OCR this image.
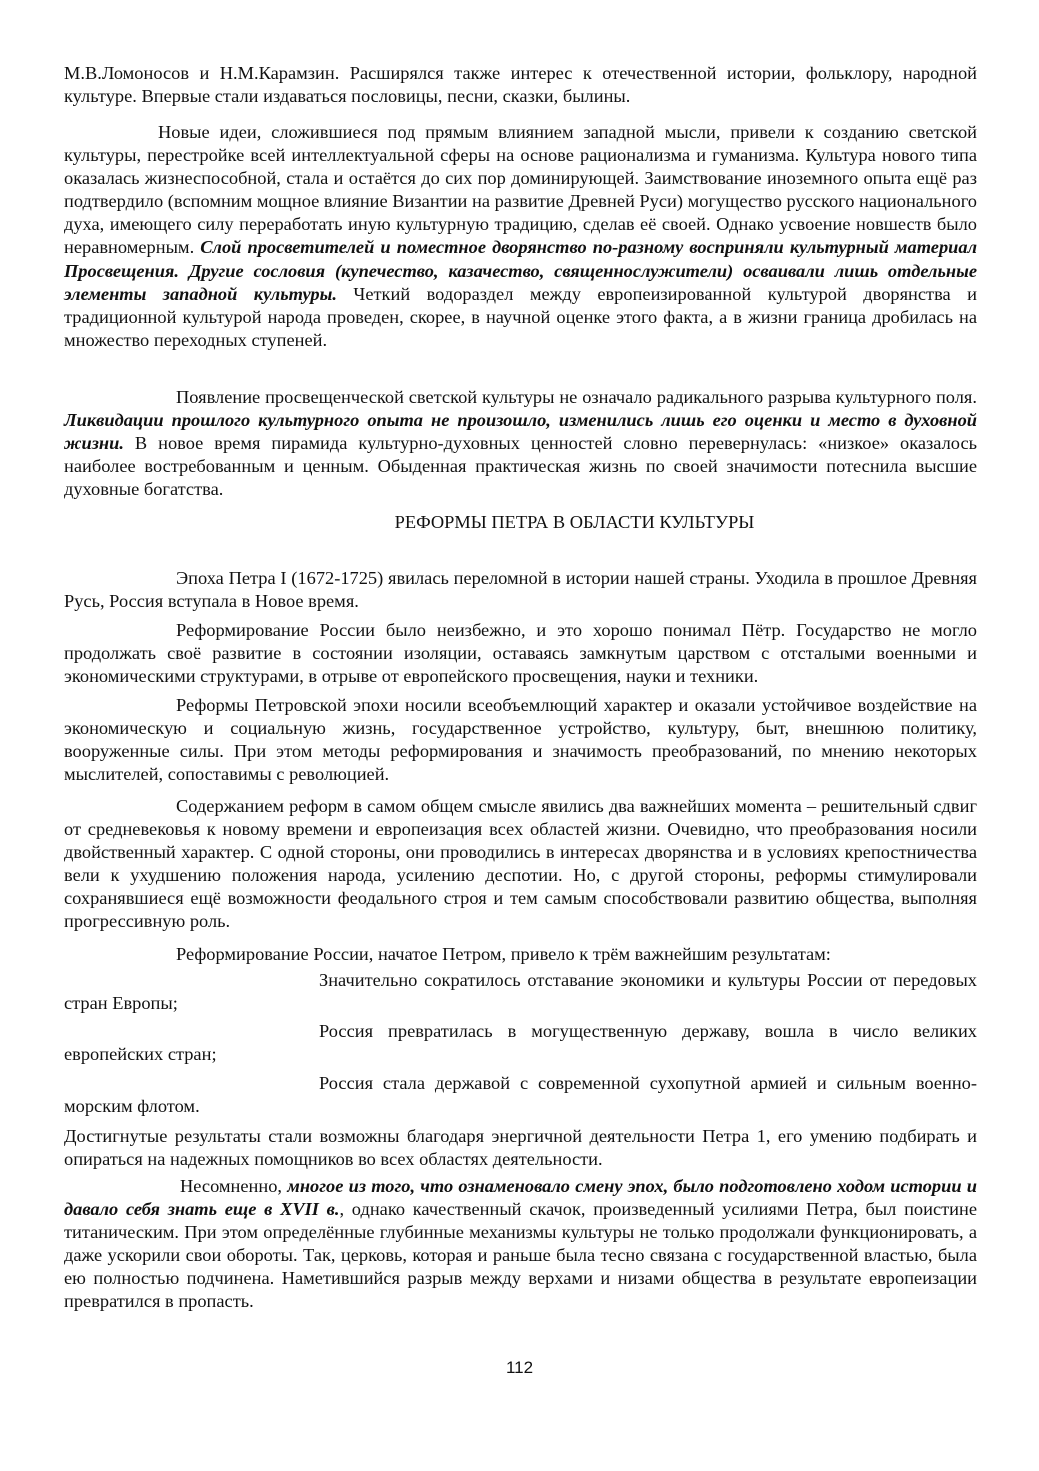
М.В.Ломоносов и Н.М.Карамзин. Расширялся также интерес к отечественной истории, фольклору, народной культуре. Впервые стали издаваться пословицы, песни, сказки, былины.

Новые идеи, сложившиеся под прямым влиянием западной мысли, привели к созданию светской культуры, перестройке всей интеллектуальной сферы на основе рационализма и гуманизма. Культура нового типа оказалась жизнеспособной, стала и остаётся до сих пор доминирующей. Заимствование иноземного опыта ещё раз подтвердило (вспомним мощное влияние Византии на развитие Древней Руси) могущество русского национального духа, имеющего силу переработать иную культурную традицию, сделав её своей. Однако усвоение новшеств было неравномерным. Слой просветителей и поместное дворянство по-разному восприняли культурный материал Просвещения. Другие сословия (купечество, казачество, священнослужители) осваивали лишь отдельные элементы западной культуры. Четкий водораздел между европеизированной культурой дворянства и традиционной культурой народа проведен, скорее, в научной оценке этого факта, а в жизни граница дробилась на множество переходных ступеней.

Появление просвещенческой светской культуры не означало радикального разрыва культурного поля. Ликвидации прошлого культурного опыта не произошло, изменились лишь его оценки и место в духовной жизни. В новое время пирамида культурно-духовных ценностей словно перевернулась: «низкое» оказалось наиболее востребованным и ценным. Обыденная практическая жизнь по своей значимости потеснила высшие духовные богатства.

РЕФОРМЫ ПЕТРА В ОБЛАСТИ КУЛЬТУРЫ

Эпоха Петра I (1672-1725) явилась переломной в истории нашей страны. Уходила в прошлое Древняя Русь, Россия вступала в Новое время.

Реформирование России было неизбежно, и это хорошо понимал Пётр. Государство не могло продолжать своё развитие в состоянии изоляции, оставаясь замкнутым царством с отсталыми военными и экономическими структурами, в отрыве от европейского просвещения, науки и техники.

Реформы Петровской эпохи носили всеобъемлющий характер и оказали устойчивое воздействие на экономическую и социальную жизнь, государственное устройство, культуру, быт, внешнюю политику, вооруженные силы. При этом методы реформирования и значимость преобразований, по мнению некоторых мыслителей, сопоставимы с революцией.

Содержанием реформ в самом общем смысле явились два важнейших момента – решительный сдвиг от средневековья к новому времени и европеизация всех областей жизни. Очевидно, что преобразования носили двойственный характер. С одной стороны, они проводились в интересах дворянства и в условиях крепостничества вели к ухудшению положения народа, усилению деспотии. Но, с другой стороны, реформы стимулировали сохранявшиеся ещё возможности феодального строя и тем самым способствовали развитию общества, выполняя прогрессивную роль.

Реформирование России, начатое Петром, привело к трём важнейшим результатам:

Значительно сократилось отставание экономики и культуры России от передовых стран Европы;

Россия превратилась в могущественную державу, вошла в число великих европейских стран;

Россия стала державой с современной сухопутной армией и сильным военно-морским флотом.

Достигнутые результаты стали возможны благодаря энергичной деятельности Петра 1, его умению подбирать и опираться на надежных помощников во всех областях деятельности.

Несомненно, многое из того, что ознаменовало смену эпох, было подготовлено ходом истории и давало себя знать еще в XVII в., однако качественный скачок, произведенный усилиями Петра, был поистине титаническим. При этом определённые глубинные механизмы культуры не только продолжали функционировать, а даже ускорили свои обороты. Так, церковь, которая и раньше была тесно связана с государственной властью, была ею полностью подчинена. Наметившийся разрыв между верхами и низами общества в результате европеизации превратился в пропасть.

112
